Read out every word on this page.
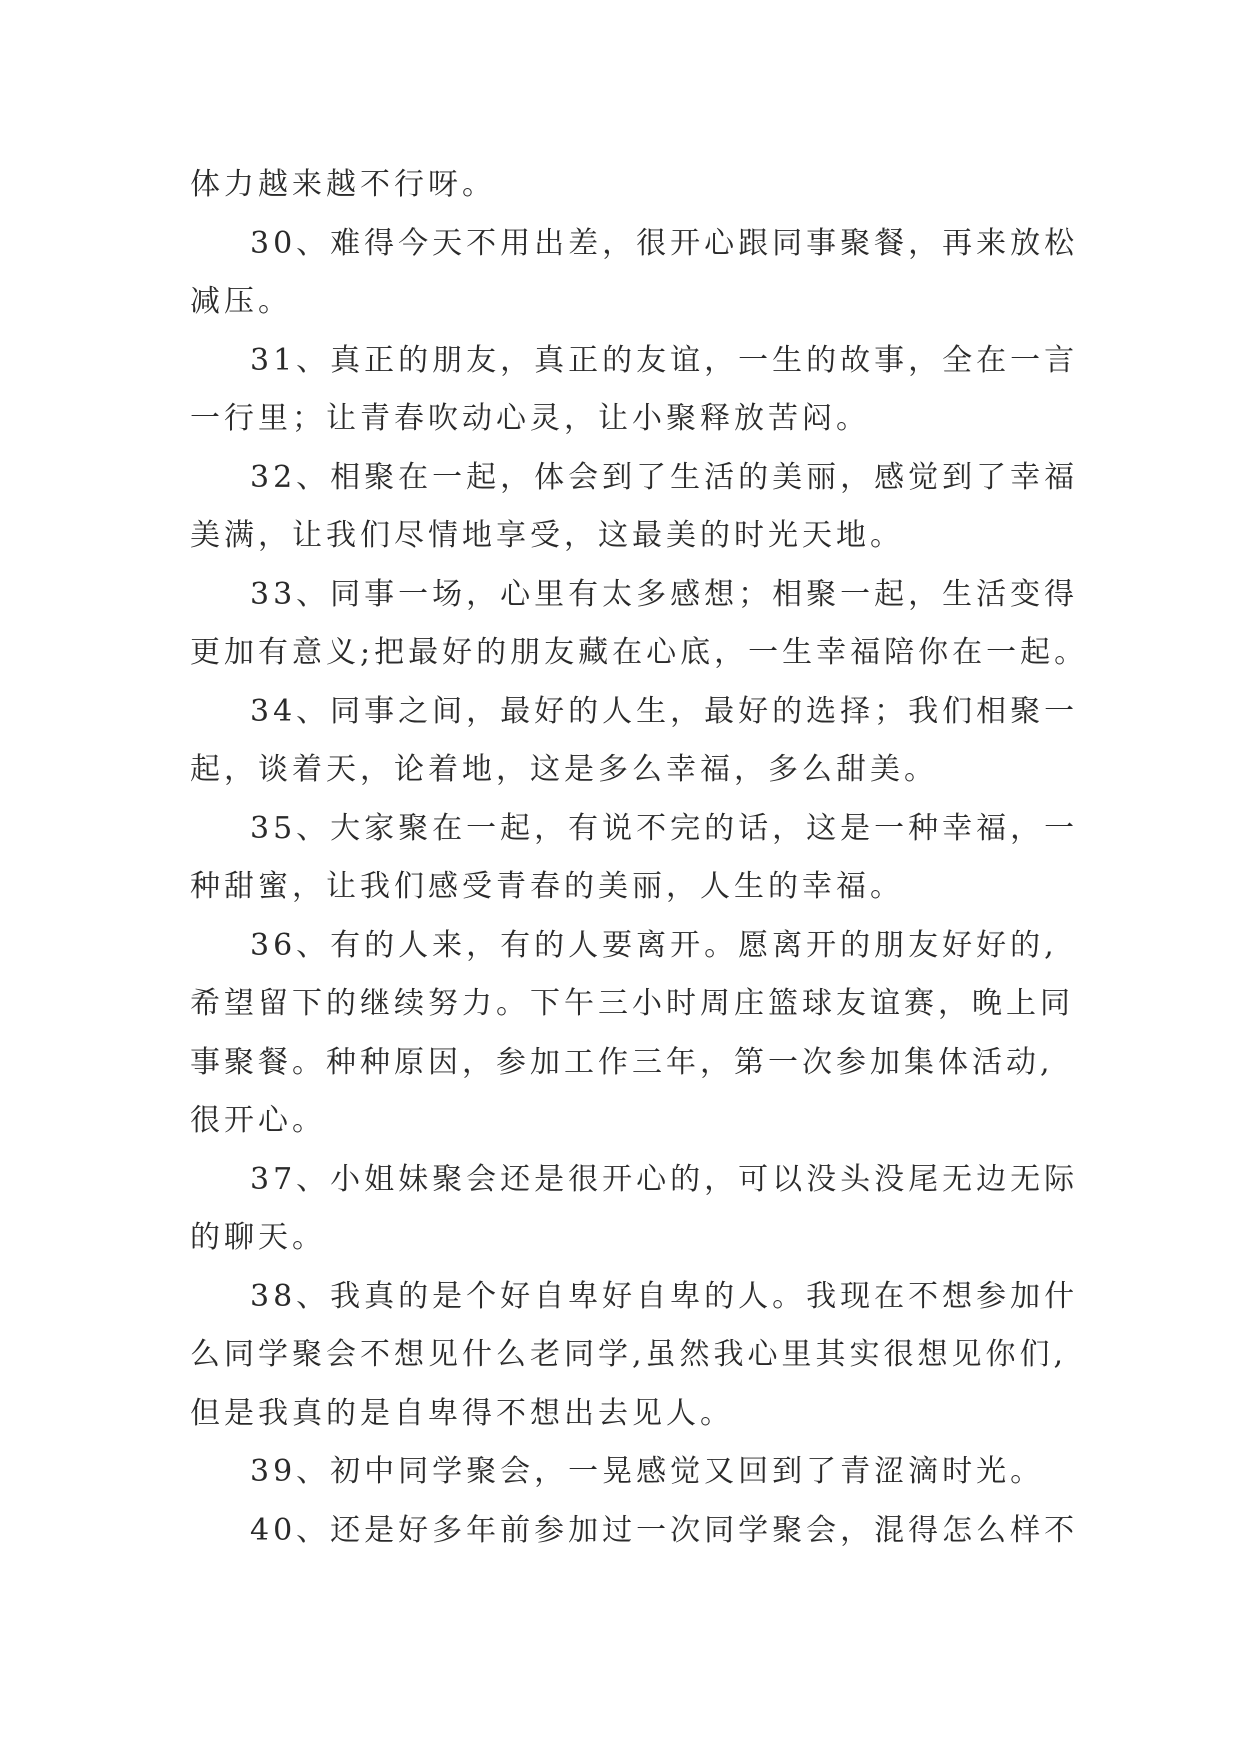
体力越来越不行呀。
30、难得今天不用出差，很开心跟同事聚餐，再来放松
减压。
31、真正的朋友，真正的友谊，一生的故事，全在一言
一行里；让青春吹动心灵，让小聚释放苦闷。
32、相聚在一起，体会到了生活的美丽，感觉到了幸福
美满，让我们尽情地享受，这最美的时光天地。
33、同事一场，心里有太多感想；相聚一起，生活变得
更加有意义;把最好的朋友藏在心底，一生幸福陪你在一起。
34、同事之间，最好的人生，最好的选择；我们相聚一
起，谈着天，论着地，这是多么幸福，多么甜美。
35、大家聚在一起，有说不完的话，这是一种幸福，一
种甜蜜，让我们感受青春的美丽，人生的幸福。
36、有的人来，有的人要离开。愿离开的朋友好好的,
希望留下的继续努力。下午三小时周庄篮球友谊赛，晚上同
事聚餐。种种原因，参加工作三年，第一次参加集体活动,
很开心。
37、小姐妹聚会还是很开心的，可以没头没尾无边无际
的聊天。
38、我真的是个好自卑好自卑的人。我现在不想参加什
么同学聚会不想见什么老同学,虽然我心里其实很想见你们,
但是我真的是自卑得不想出去见人。
39、初中同学聚会，一晃感觉又回到了青涩滴时光。
40、还是好多年前参加过一次同学聚会，混得怎么样不
